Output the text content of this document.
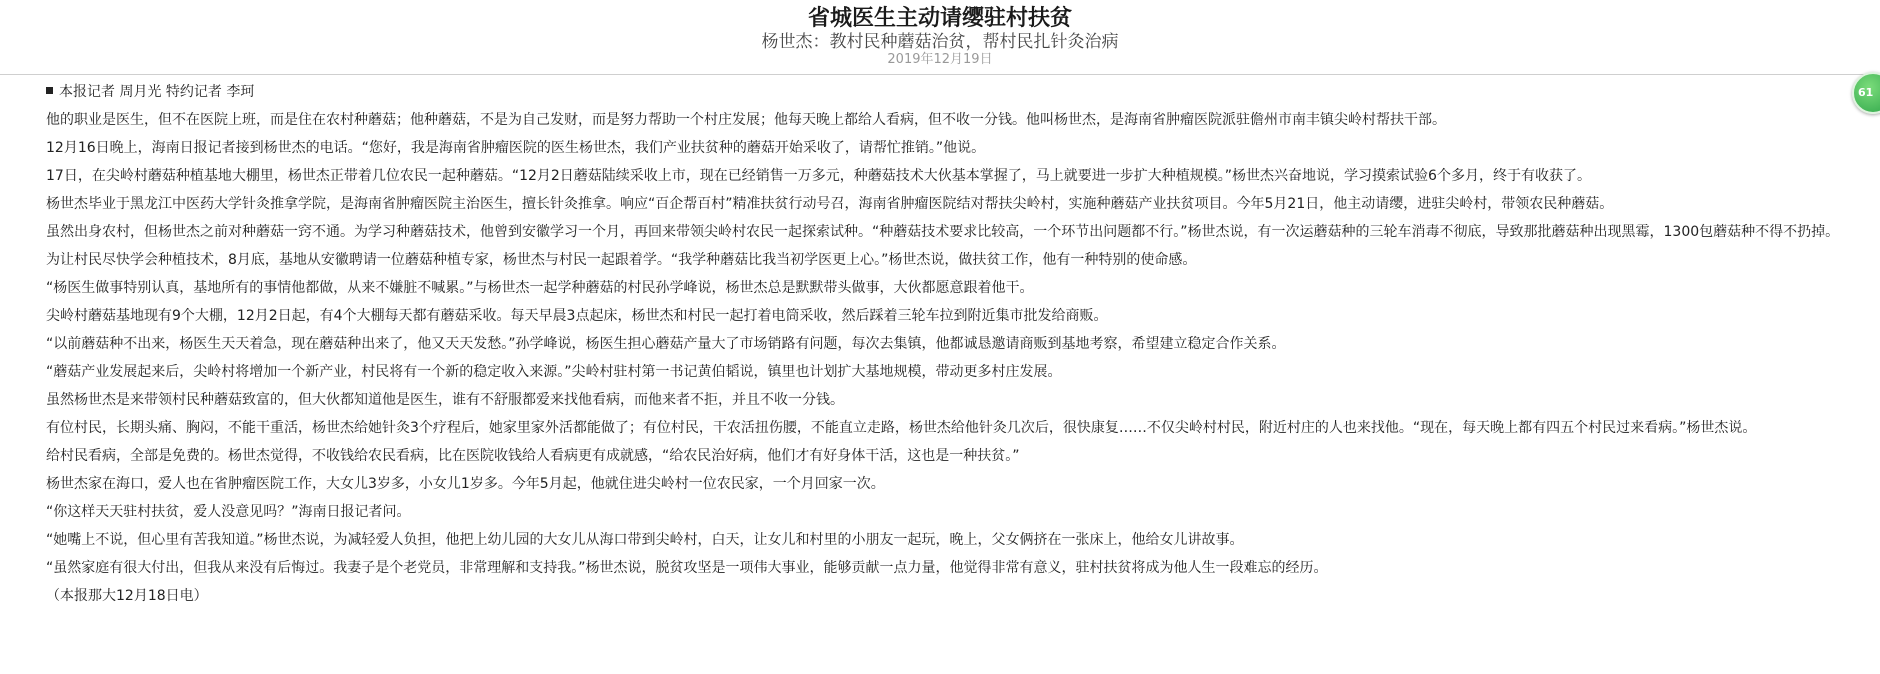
省城医生主动请缨驻村扶贫
杨世杰：教村民种蘑菇治贫，帮村民扎针灸治病
2019年12月19日
61

本报记者 周月光 特约记者 李珂

他的职业是医生，但不在医院上班，而是住在农村种蘑菇；他种蘑菇，不是为自己发财，而是努力帮助一个村庄发展；他每天晚上都给人看病，但不收一分钱。他叫杨世杰，是海南省肿瘤医院派驻儋州市南丰镇尖岭村帮扶干部。

12月16日晚上，海南日报记者接到杨世杰的电话。“您好，我是海南省肿瘤医院的医生杨世杰，我们产业扶贫种的蘑菇开始采收了，请帮忙推销。”他说。

17日，在尖岭村蘑菇种植基地大棚里，杨世杰正带着几位农民一起种蘑菇。“12月2日蘑菇陆续采收上市，现在已经销售一万多元，种蘑菇技术大伙基本掌握了，马上就要进一步扩大种植规模。”杨世杰兴奋地说，学习摸索试验6个多月，终于有收获了。

杨世杰毕业于黑龙江中医药大学针灸推拿学院，是海南省肿瘤医院主治医生，擅长针灸推拿。响应“百企帮百村”精准扶贫行动号召，海南省肿瘤医院结对帮扶尖岭村，实施种蘑菇产业扶贫项目。今年5月21日，他主动请缨，进驻尖岭村，带领农民种蘑菇。

虽然出身农村，但杨世杰之前对种蘑菇一窍不通。为学习种蘑菇技术，他曾到安徽学习一个月，再回来带领尖岭村农民一起探索试种。“种蘑菇技术要求比较高，一个环节出问题都不行。”杨世杰说，有一次运蘑菇种的三轮车消毒不彻底，导致那批蘑菇种出现黑霉，1300包蘑菇种不得不扔掉。

为让村民尽快学会种植技术，8月底，基地从安徽聘请一位蘑菇种植专家，杨世杰与村民一起跟着学。“我学种蘑菇比我当初学医更上心。”杨世杰说，做扶贫工作，他有一种特别的使命感。

“杨医生做事特别认真，基地所有的事情他都做，从来不嫌脏不喊累。”与杨世杰一起学种蘑菇的村民孙学峰说，杨世杰总是默默带头做事，大伙都愿意跟着他干。

尖岭村蘑菇基地现有9个大棚，12月2日起，有4个大棚每天都有蘑菇采收。每天早晨3点起床，杨世杰和村民一起打着电筒采收，然后踩着三轮车拉到附近集市批发给商贩。

“以前蘑菇种不出来，杨医生天天着急，现在蘑菇种出来了，他又天天发愁。”孙学峰说，杨医生担心蘑菇产量大了市场销路有问题，每次去集镇，他都诚恳邀请商贩到基地考察，希望建立稳定合作关系。

“蘑菇产业发展起来后，尖岭村将增加一个新产业，村民将有一个新的稳定收入来源。”尖岭村驻村第一书记黄伯韬说，镇里也计划扩大基地规模，带动更多村庄发展。

虽然杨世杰是来带领村民种蘑菇致富的，但大伙都知道他是医生，谁有不舒服都爱来找他看病，而他来者不拒，并且不收一分钱。

有位村民，长期头痛、胸闷，不能干重活，杨世杰给她针灸3个疗程后，她家里家外活都能做了；有位村民，干农活扭伤腰，不能直立走路，杨世杰给他针灸几次后，很快康复……不仅尖岭村村民，附近村庄的人也来找他。“现在，每天晚上都有四五个村民过来看病。”杨世杰说。

给村民看病，全部是免费的。杨世杰觉得，不收钱给农民看病，比在医院收钱给人看病更有成就感，“给农民治好病，他们才有好身体干活，这也是一种扶贫。”

杨世杰家在海口，爱人也在省肿瘤医院工作，大女儿3岁多，小女儿1岁多。今年5月起，他就住进尖岭村一位农民家，一个月回家一次。

“你这样天天驻村扶贫，爱人没意见吗？”海南日报记者问。

“她嘴上不说，但心里有苦我知道。”杨世杰说，为减轻爱人负担，他把上幼儿园的大女儿从海口带到尖岭村，白天，让女儿和村里的小朋友一起玩，晚上，父女俩挤在一张床上，他给女儿讲故事。

“虽然家庭有很大付出，但我从来没有后悔过。我妻子是个老党员，非常理解和支持我。”杨世杰说，脱贫攻坚是一项伟大事业，能够贡献一点力量，他觉得非常有意义，驻村扶贫将成为他人生一段难忘的经历。

（本报那大12月18日电）
